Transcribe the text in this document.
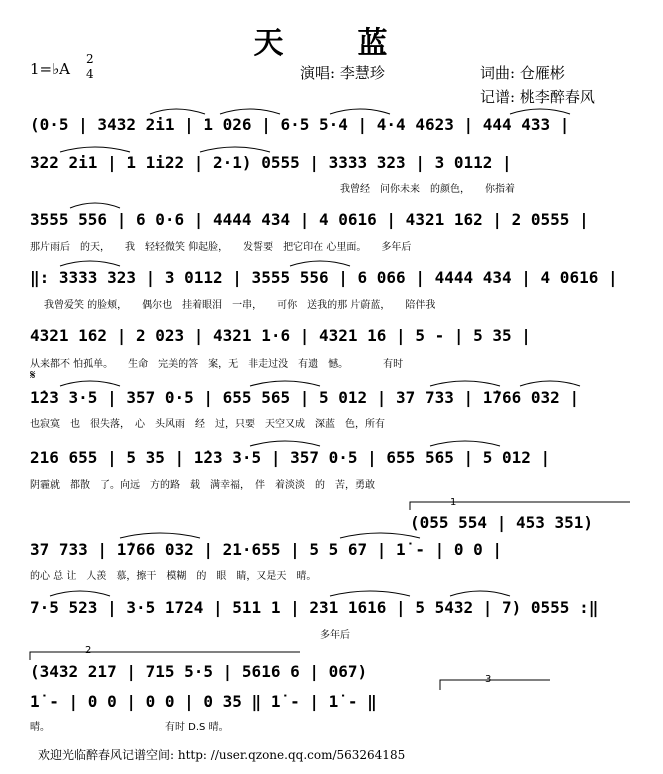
天　蓝
1=♭A
2
4	演唱: 李慧珍	词曲: 仓雁彬
记谱: 桃李醉春风
(0·5 | 3432 2i1 | 1 026 | 6·5 5·4 | 4·4 4623 | 444 433 |
322 2i1 | 1 1i22 | 2·1) 0555 | 3333 323 | 3 0112 |
我曾经　问你未来　的颜色，　　你指着
3555 556 | 6 0·6 | 4444 434 | 4 0616 | 4321 162 | 2 0555 |
那片雨后　的天，　　我　轻轻微笑 仰起脸，　　发誓要　把它印在 心里面。　　多年后
‖: 3333 323 | 3 0112 | 3555 556 | 6 066 | 4444 434 | 4 0616 |
我曾爱笑 的脸颊，　　偶尔也　挂着眼泪　一串，　　可你　送我的那 片蔚蓝，　　陪伴我
4321 162 | 2 023 | 4321 1·6 | 4321 16 | 5 - | 5 35 |
从来都不 怕孤单。　　生命　完美的答　案，无　非走过没　有遗　憾。　　　　有时
𝄋
1̇23 3·5 | 357 0·5 | 655 565 | 5 012 | 37 733 | 1̇766 032 |
也寂寞　也　很失落，　心　头风雨　经　过，只要　天空又成　深蓝　色，所有
216 655 | 5 35 | 1̇23 3·5 | 357 0·5 | 655 565 | 5 012 |
阴霾就　都散　了。向远　方的路　载　满幸福，　伴　着淡淡　的　苦，勇敢
(055 554 | 453 351)
37 733 | 1̇766 032 | 21·655 | 5 5 67 | 1̇ - | 0 0 |
的心 总 让　人羡　慕，擦干　模糊　的　眼　睛，又是天　晴。
7·5 523 | 3·5 1724 | 511 1 | 231 1616 | 5 5432 | 7) 0555 :‖
　　　　　　　　　　　　　　　　　　　　　　　　　　　　　多年后
(3432 217 | 715 5·5 | 5616 6 | 067)
1̇ - | 0 0 | 0 0 | 0 35 ‖ 1̇ - | 1̇ - ‖
晴。　　　　　　　　　　　　有时 D.S 晴。
1
2
3
欢迎光临醉春风记谱空间: http: //user.qzone.qq.com/563264185
